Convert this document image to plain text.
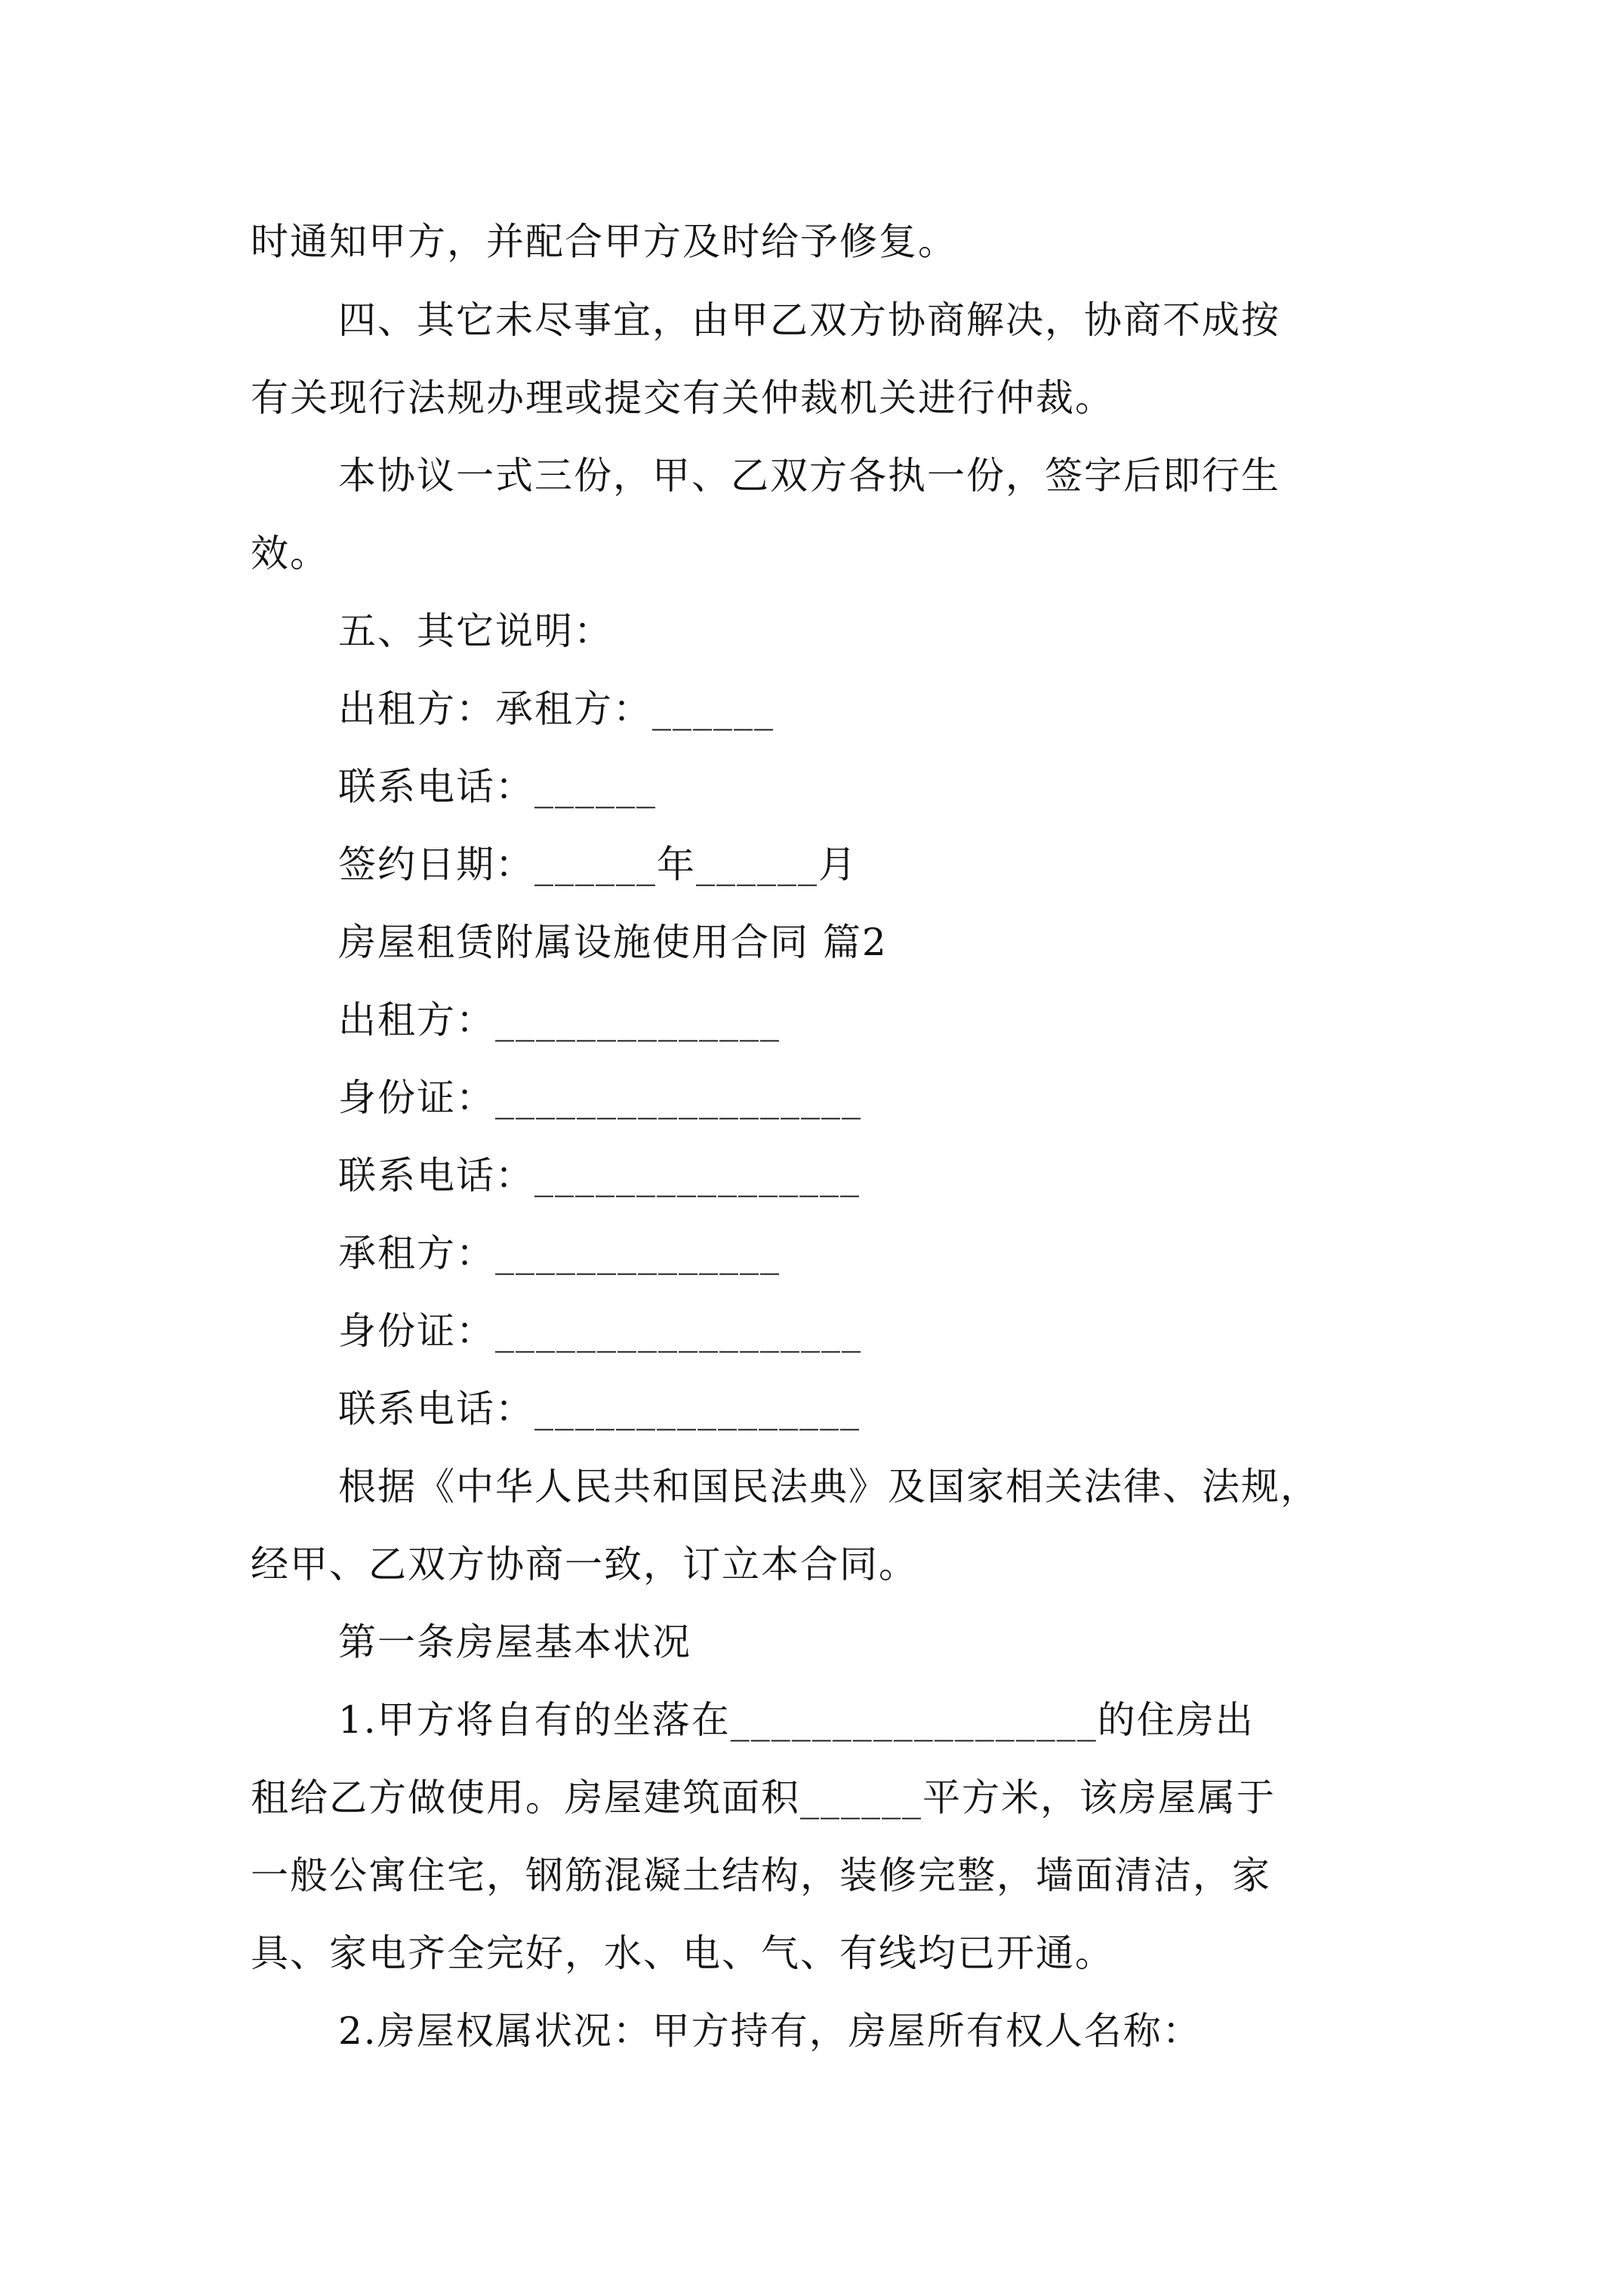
时通知甲方，并配合甲方及时给予修复。
四、其它未尽事宜，由甲乙双方协商解决，协商不成按
有关现行法规办理或提交有关仲裁机关进行仲裁。
本协议一式三份，甲、乙双方各执一份，签字后即行生
效。
五、其它说明：
出租方：承租方：______
联系电话：______
签约日期：______年______月
房屋租赁附属设施使用合同 篇2
出租方：______________
身份证：__________________
联系电话：________________
承租方：______________
身份证：__________________
联系电话：________________
根据《中华人民共和国民法典》及国家相关法律、法规，
经甲、乙双方协商一致，订立本合同。
第一条房屋基本状况
1.甲方将自有的坐落在__________________的住房出
租给乙方做使用。房屋建筑面积______平方米，该房屋属于
一般公寓住宅，钢筋混凝土结构，装修完整，墙面清洁，家
具、家电齐全完好，水、电、气、有线均已开通。
2.房屋权属状况：甲方持有，房屋所有权人名称：
